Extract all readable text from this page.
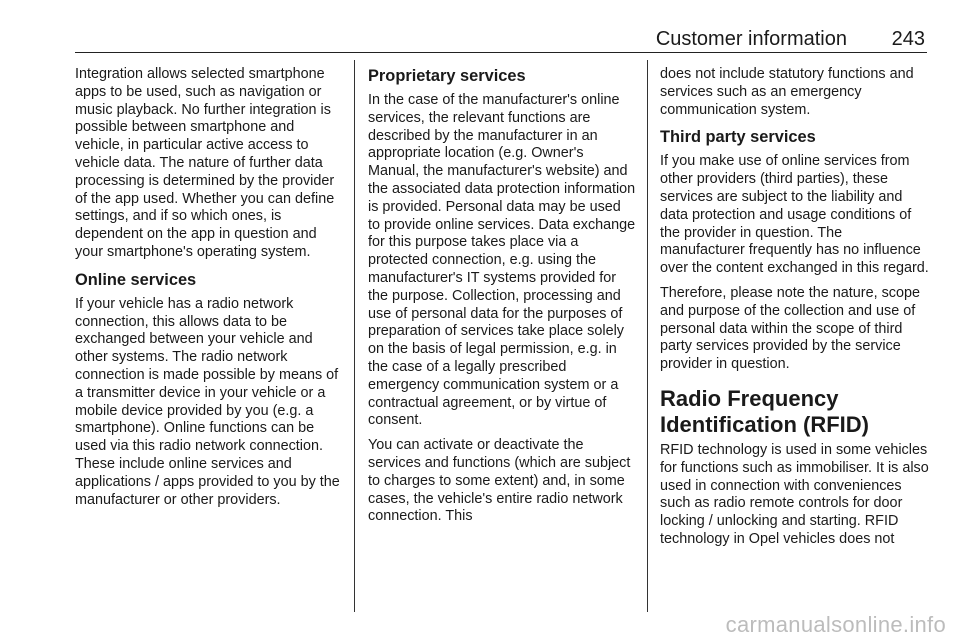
Customer information 243

Integration allows selected smartphone apps to be used, such as navigation or music playback. No further integration is possible between smartphone and vehicle, in particular active access to vehicle data. The nature of further data processing is determined by the provider of the app used. Whether you can define settings, and if so which ones, is dependent on the app in question and your smartphone's operating system.

Online services

If your vehicle has a radio network connection, this allows data to be exchanged between your vehicle and other systems. The radio network connection is made possible by means of a transmitter device in your vehicle or a mobile device provided by you (e.g. a smartphone). Online functions can be used via this radio network connection. These include online services and applications / apps provided to you by the manufacturer or other providers.

Proprietary services

In the case of the manufacturer's online services, the relevant functions are described by the manufacturer in an appropriate location (e.g. Owner's Manual, the manufacturer's website) and the associated data protection information is provided. Personal data may be used to provide online services. Data exchange for this purpose takes place via a protected connection, e.g. using the manufacturer's IT systems provided for the purpose. Collection, processing and use of personal data for the purposes of preparation of services take place solely on the basis of legal permission, e.g. in the case of a legally prescribed emergency communication system or a contractual agreement, or by virtue of consent.

You can activate or deactivate the services and functions (which are subject to charges to some extent) and, in some cases, the vehicle's entire radio network connection. This

does not include statutory functions and services such as an emergency communication system.

Third party services

If you make use of online services from other providers (third parties), these services are subject to the liability and data protection and usage conditions of the provider in question. The manufacturer frequently has no influence over the content exchanged in this regard.

Therefore, please note the nature, scope and purpose of the collection and use of personal data within the scope of third party services provided by the service provider in question.

Radio Frequency Identification (RFID)

RFID technology is used in some vehicles for functions such as immobiliser. It is also used in connection with conveniences such as radio remote controls for door locking / unlocking and starting. RFID technology in Opel vehicles does not

carmanualsonline.info
